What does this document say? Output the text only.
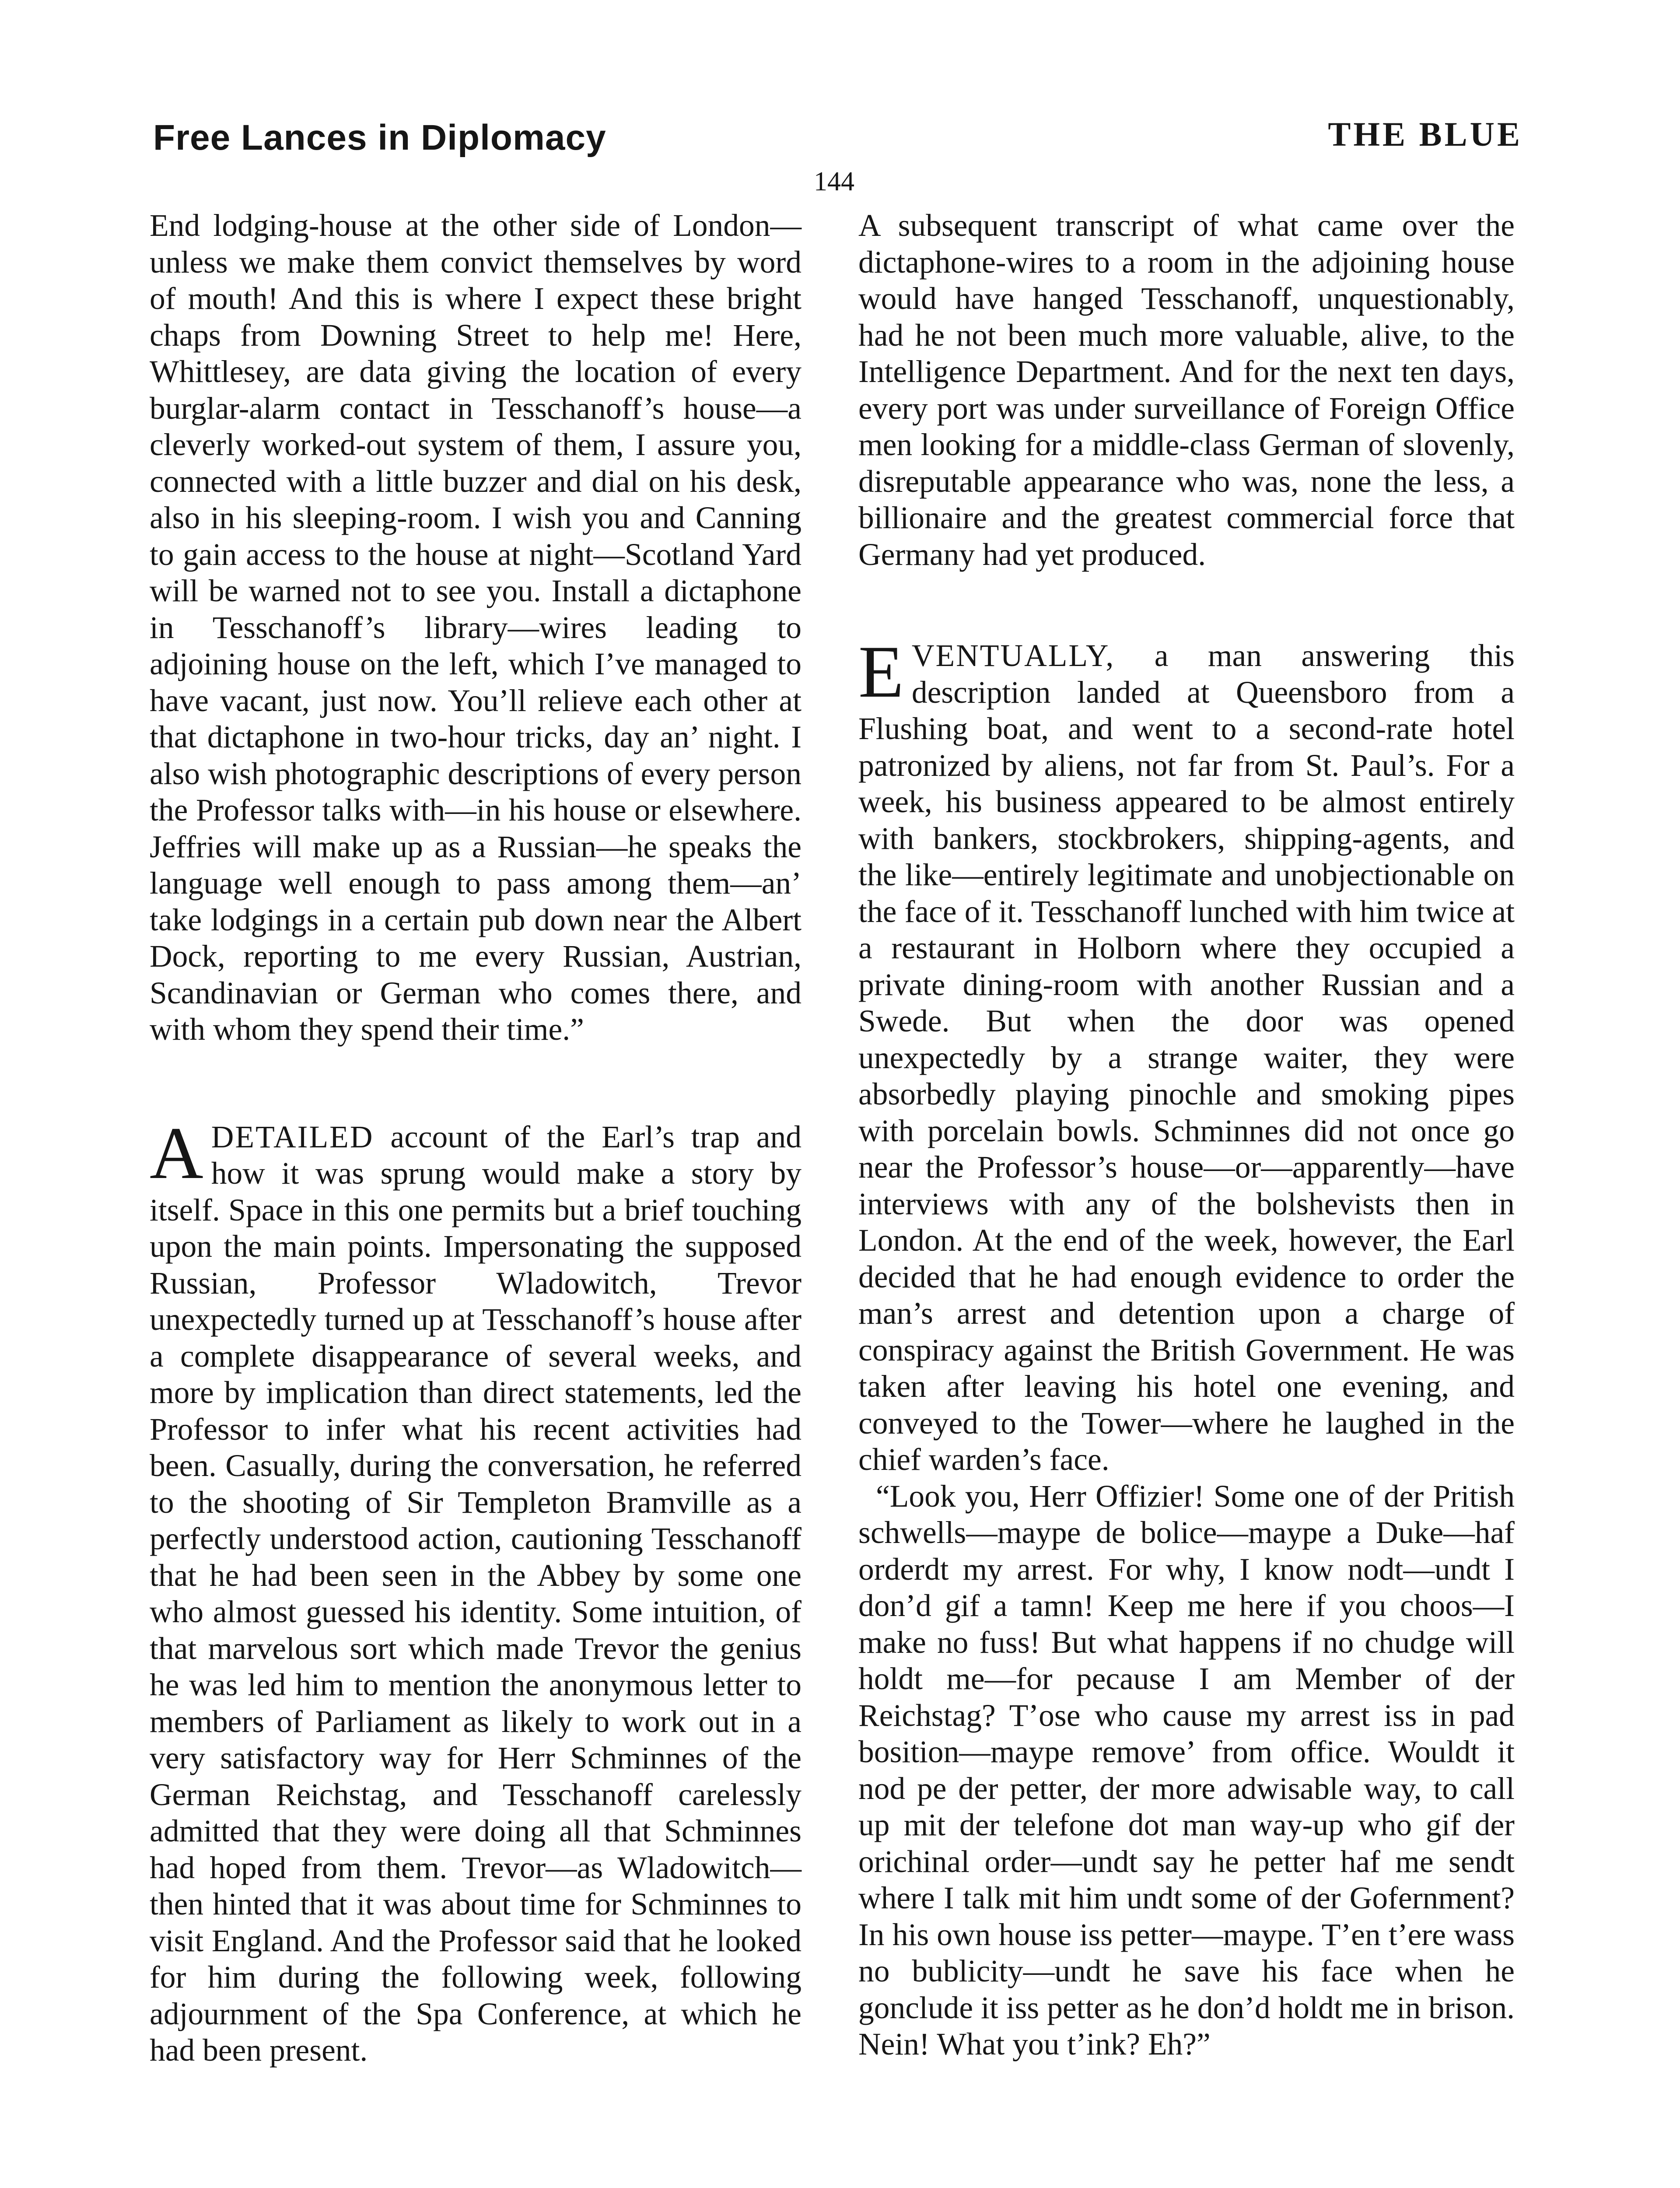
Free Lances in Diplomacy	THE BLUE
144

End lodging-house at the other side of London—unless we make them convict themselves by word of mouth! And this is where I expect these bright chaps from Downing Street to help me! Here, Whittlesey, are data giving the location of every burglar-alarm contact in Tesschanoff’s house—a cleverly worked-out system of them, I assure you, connected with a little buzzer and dial on his desk, also in his sleeping-room. I wish you and Canning to gain access to the house at night—Scotland Yard will be warned not to see you. Install a dictaphone in Tesschanoff’s library—wires leading to adjoining house on the left, which I’ve managed to have vacant, just now. You’ll relieve each other at that dictaphone in two-hour tricks, day an’ night. I also wish photographic descriptions of every person the Professor talks with—in his house or elsewhere. Jeffries will make up as a Russian—he speaks the language well enough to pass among them—an’ take lodgings in a certain pub down near the Albert Dock, reporting to me every Russian, Austrian, Scandinavian or German who comes there, and with whom they spend their time.”

ADETAILED account of the Earl’s trap and how it was sprung would make a story by itself. Space in this one permits but a brief touching upon the main points. Impersonating the supposed Russian, Professor Wladowitch, Trevor unexpectedly turned up at Tesschanoff’s house after a complete disappearance of several weeks, and more by implication than direct statements, led the Professor to infer what his recent activities had been. Casually, during the conversation, he referred to the shooting of Sir Templeton Bramville as a perfectly understood action, cautioning Tesschanoff that he had been seen in the Abbey by some one who almost guessed his identity. Some intuition, of that marvelous sort which made Trevor the genius he was led him to mention the anonymous letter to members of Parliament as likely to work out in a very satisfactory way for Herr Schminnes of the German Reichstag, and Tesschanoff carelessly admitted that they were doing all that Schminnes had hoped from them. Trevor—as Wladowitch—then hinted that it was about time for Schminnes to visit England. And the Professor said that he looked for him during the following week, following adjournment of the Spa Conference, at which he had been present.

A subsequent transcript of what came over the dictaphone-wires to a room in the adjoining house would have hanged Tesschanoff, unquestionably, had he not been much more valuable, alive, to the Intelligence Department. And for the next ten days, every port was under surveillance of Foreign Office men looking for a middle-class German of slovenly, disreputable appearance who was, none the less, a billionaire and the greatest commercial force that Germany had yet produced.

EVENTUALLY, a man answering this description landed at Queensboro from a Flushing boat, and went to a second-rate hotel patronized by aliens, not far from St. Paul’s. For a week, his business appeared to be almost entirely with bankers, stockbrokers, shipping-agents, and the like—entirely legitimate and unobjectionable on the face of it. Tesschanoff lunched with him twice at a restaurant in Holborn where they occupied a private dining-room with another Russian and a Swede. But when the door was opened unexpectedly by a strange waiter, they were absorbedly playing pinochle and smoking pipes with porcelain bowls. Schminnes did not once go near the Professor’s house—or—apparently—have interviews with any of the bolshevists then in London. At the end of the week, however, the Earl decided that he had enough evidence to order the man’s arrest and detention upon a charge of conspiracy against the British Government. He was taken after leaving his hotel one evening, and conveyed to the Tower—where he laughed in the chief warden’s face.

“Look you, Herr Offizier! Some one of der Pritish schwells—maype de bolice—maype a Duke—haf orderdt my arrest. For why, I know nodt—undt I don’d gif a tamn! Keep me here if you choos—I make no fuss! But what happens if no chudge will holdt me—for pecause I am Member of der Reichstag? T’ose who cause my arrest iss in pad bosition—maype remove’ from office. Wouldt it nod pe der petter, der more adwisable way, to call up mit der telefone dot man way-up who gif der orichinal order—undt say he petter haf me sendt where I talk mit him undt some of der Gofernment? In his own house iss petter—maype. T’en t’ere wass no bublicity—undt he save his face when he gonclude it iss petter as he don’d holdt me in brison. Nein! What you t’ink? Eh?”
